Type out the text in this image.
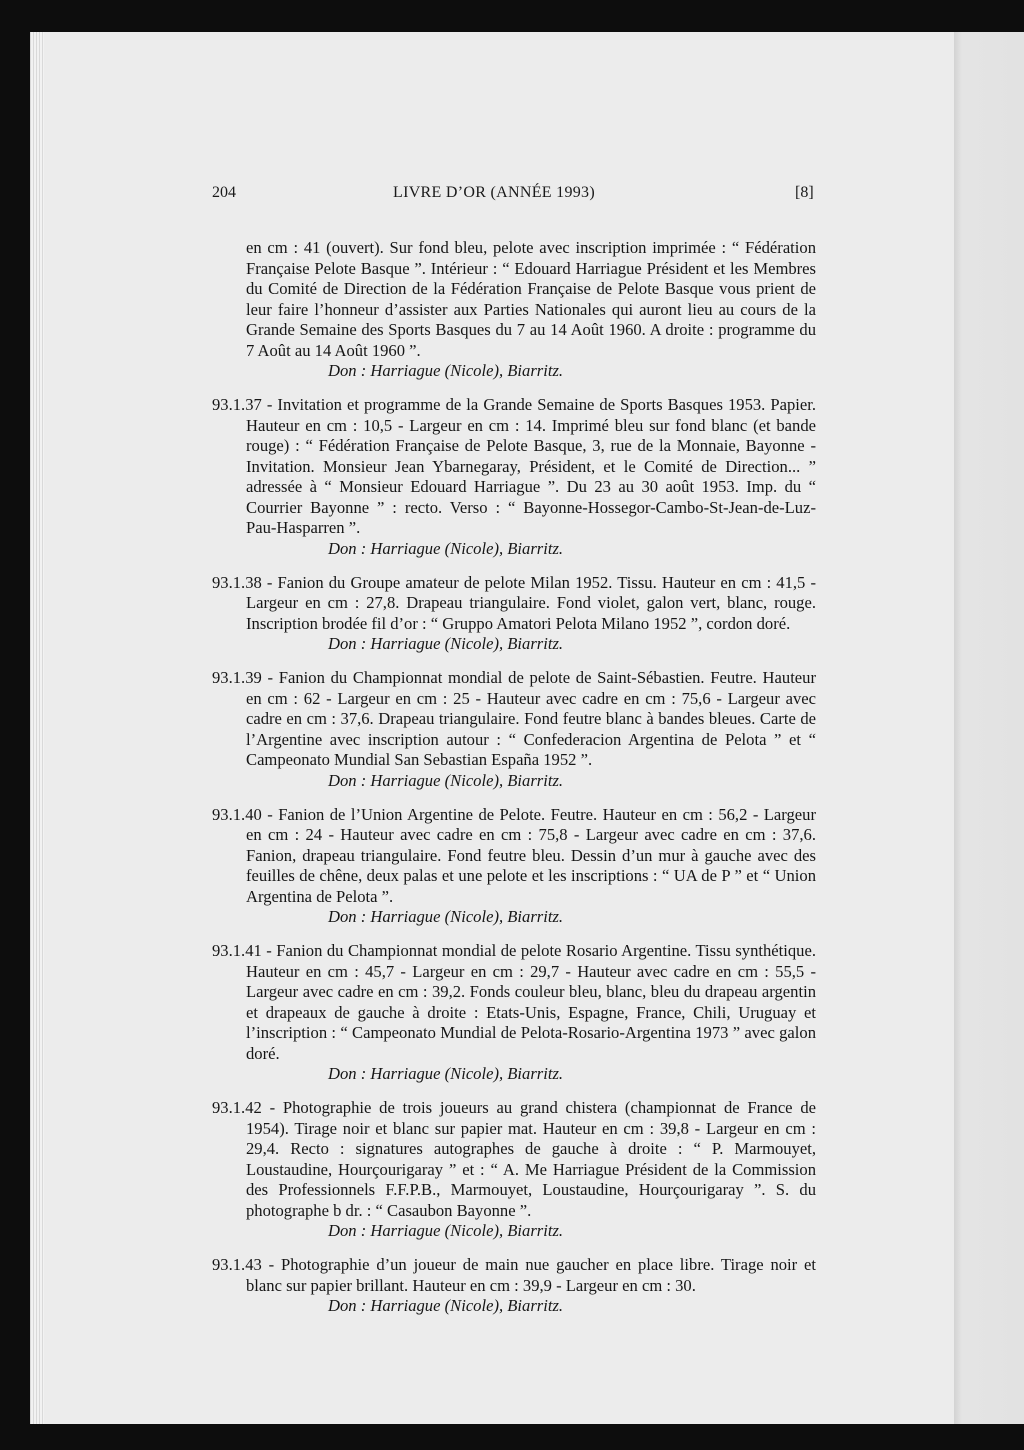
204	LIVRE D’OR (ANNÉE 1993)	[8]
en cm : 41 (ouvert). Sur fond bleu, pelote avec inscription imprimée : “ Fédération Française Pelote Basque ”. Intérieur : “ Edouard Harriague Président et les Membres du Comité de Direction de la Fédération Française de Pelote Basque vous prient de leur faire l’honneur d’assister aux Parties Nationales qui auront lieu au cours de la Grande Semaine des Sports Basques du 7 au 14 Août 1960. A droite : programme du 7 Août au 14 Août 1960 ”.
Don : Harriague (Nicole), Biarritz.
93.1.37 - Invitation et programme de la Grande Semaine de Sports Basques 1953. Papier. Hauteur en cm : 10,5 - Largeur en cm : 14. Imprimé bleu sur fond blanc (et bande rouge) : “ Fédération Française de Pelote Basque, 3, rue de la Monnaie, Bayonne - Invitation. Monsieur Jean Ybarnegaray, Président, et le Comité de Direction... ” adressée à “ Monsieur Edouard Harriague ”. Du 23 au 30 août 1953. Imp. du “ Courrier Bayonne ” : recto. Verso : “ Bayonne-Hossegor-Cambo-St-Jean-de-Luz-Pau-Hasparren ”.
Don : Harriague (Nicole), Biarritz.
93.1.38 - Fanion du Groupe amateur de pelote Milan 1952. Tissu. Hauteur en cm : 41,5 - Largeur en cm : 27,8. Drapeau triangulaire. Fond violet, galon vert, blanc, rouge. Inscription brodée fil d’or : “ Gruppo Amatori Pelota Milano 1952 ”, cordon doré.
Don : Harriague (Nicole), Biarritz.
93.1.39 - Fanion du Championnat mondial de pelote de Saint-Sébastien. Feutre. Hauteur en cm : 62 - Largeur en cm : 25 - Hauteur avec cadre en cm : 75,6 - Largeur avec cadre en cm : 37,6. Drapeau triangulaire. Fond feutre blanc à bandes bleues. Carte de l’Argentine avec inscription autour : “ Confederacion Argentina de Pelota ” et “ Campeonato Mundial San Sebastian España 1952 ”.
Don : Harriague (Nicole), Biarritz.
93.1.40 - Fanion de l’Union Argentine de Pelote. Feutre. Hauteur en cm : 56,2 - Largeur en cm : 24 - Hauteur avec cadre en cm : 75,8 - Largeur avec cadre en cm : 37,6. Fanion, drapeau triangulaire. Fond feutre bleu. Dessin d’un mur à gauche avec des feuilles de chêne, deux palas et une pelote et les inscriptions : “ UA de P ” et “ Union Argentina de Pelota ”.
Don : Harriague (Nicole), Biarritz.
93.1.41 - Fanion du Championnat mondial de pelote Rosario Argentine. Tissu synthétique. Hauteur en cm : 45,7 - Largeur en cm : 29,7 - Hauteur avec cadre en cm : 55,5 - Largeur avec cadre en cm : 39,2. Fonds couleur bleu, blanc, bleu du drapeau argentin et drapeaux de gauche à droite : Etats-Unis, Espagne, France, Chili, Uruguay et l’inscription : “ Campeonato Mundial de Pelota-Rosario-Argentina 1973 ” avec galon doré.
Don : Harriague (Nicole), Biarritz.
93.1.42 - Photographie de trois joueurs au grand chistera (championnat de France de 1954). Tirage noir et blanc sur papier mat. Hauteur en cm : 39,8 - Largeur en cm : 29,4. Recto : signatures autographes de gauche à droite : “ P. Marmouyet, Loustaudine, Hourçourigaray ” et : “ A. Me Harriague Président de la Commission des Professionnels F.F.P.B., Marmouyet, Loustaudine, Hourçourigaray ”. S. du photographe b dr. : “ Casaubon Bayonne ”.
Don : Harriague (Nicole), Biarritz.
93.1.43 - Photographie d’un joueur de main nue gaucher en place libre. Tirage noir et blanc sur papier brillant. Hauteur en cm : 39,9 - Largeur en cm : 30.
Don : Harriague (Nicole), Biarritz.
